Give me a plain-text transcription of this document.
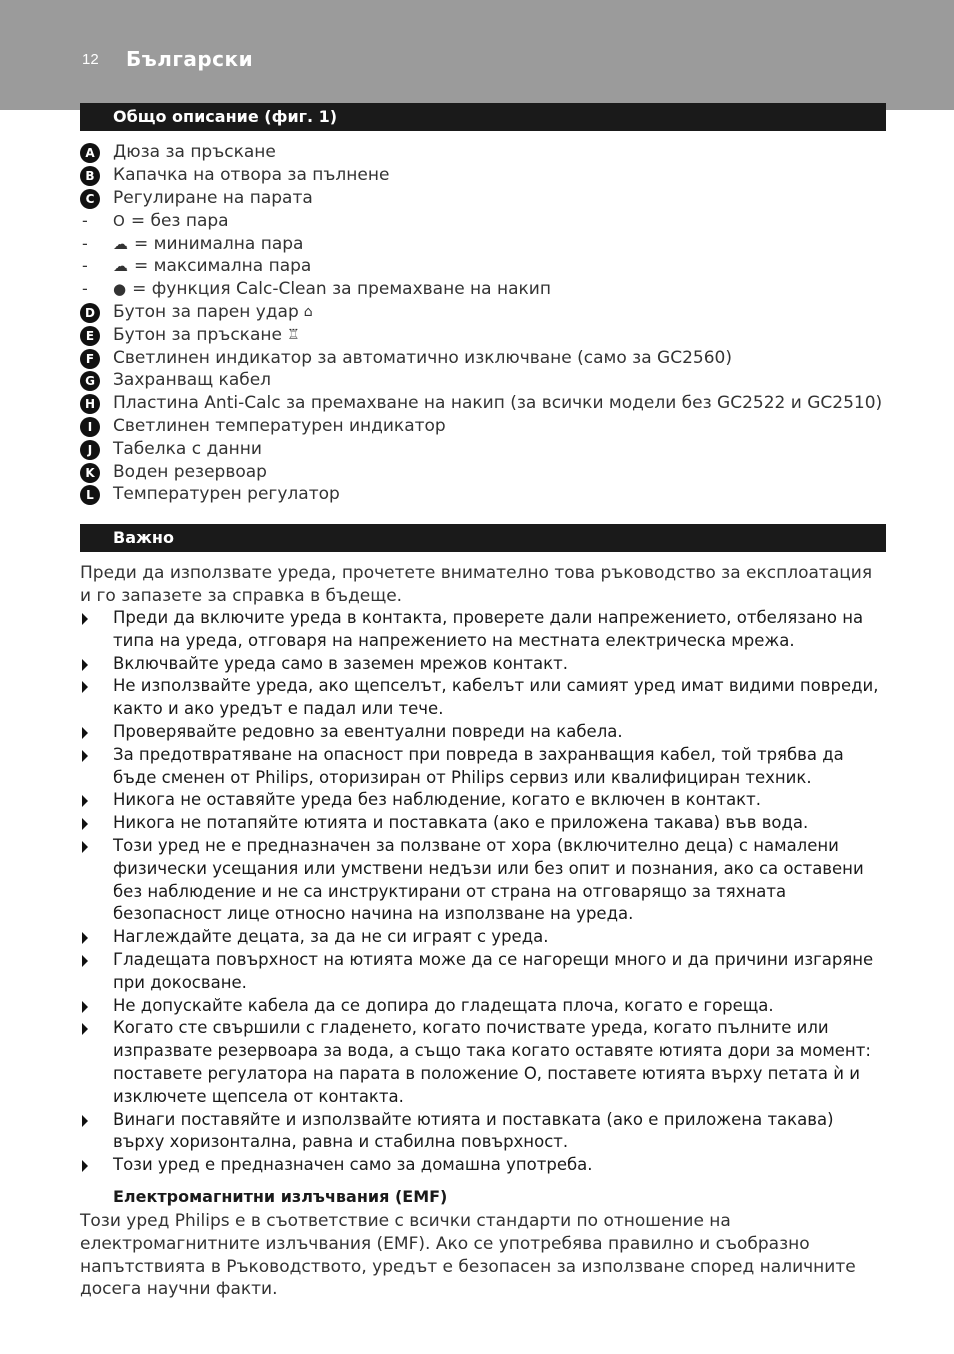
12 Български
Общо описание (фиг. 1)
A	Дюза за пръскане
B	Капачка на отвора за пълнене
C	Регулиране на парата
- O = без пара
- ☁ = минимална пара
- ☁ = максимална пара
- ● = функция Calc-Clean за премахване на накип
D Бутон за парен удар ⌂
E	Бутон за пръскане ♖
F	Светлинен индикатор за автоматично изключване (само за GC2560)
G Захранващ кабел
H Пластина Anti-Calc за премахване на накип (за всички модели без GC2522 и GC2510)
I	Светлинен температурен индикатор
J	Табелка с данни
K	Воден резервоар
L	Температурен регулатор
Важно
Преди да използвате уреда, прочетете внимателно това ръководство за експлоатация и го запазете за справка в бъдеще.
Преди да включите уреда в контакта, проверете дали напрежението, отбелязано на типа на уреда, отговаря на напрежението на местната електрическа мрежа.
Включвайте уреда само в заземен мрежов контакт.
Не използвайте уреда, ако щепселът, кабелът или самият уред имат видими повреди, както и ако уредът е падал или тече.
Проверявайте редовно за евентуални повреди на кабела.
За предотвратяване на опасност при повреда в захранващия кабел, той трябва да бъде сменен от Philips, оторизиран от Philips сервиз или квалифициран техник.
Никога не оставяйте уреда без наблюдение, когато е включен в контакт.
Никога не потапяйте ютията и поставката (ако е приложена такава) във вода.
Този уред не е предназначен за ползване от хора (включително деца) с намалени физически усещания или умствени недъзи или без опит и познания, ако са оставени без наблюдение и не са инструктирани от страна на отговарящо за тяхната безопасност лице относно начина на използване на уреда.
Наглеждайте децата, за да не си играят с уреда.
Гладещата повърхност на ютията може да се нагорещи много и да причини изгаряне при докосване.
Не допускайте кабела да се допира до гладещата плоча, когато е гореща.
Когато сте свършили с гладенето, когато почиствате уреда, когато пълните или изпразвате резервоара за вода, а също така когато оставяте ютията дори за момент: поставете регулатора на парата в положение O, поставете ютията върху петата ѝ и изключете щепсела от контакта.
Винаги поставяйте и използвайте ютията и поставката (ако е приложена такава) върху хоризонтална, равна и стабилна повърхност.
Този уред е предназначен само за домашна употреба.
Електромагнитни излъчвания (EMF)
Този уред Philips е в съответствие с всички стандарти по отношение на електромагнитните излъчвания (EMF). Ако се употребява правилно и съобразно напътствията в Ръководството, уредът е безопасен за използване според наличните досега научни факти.
